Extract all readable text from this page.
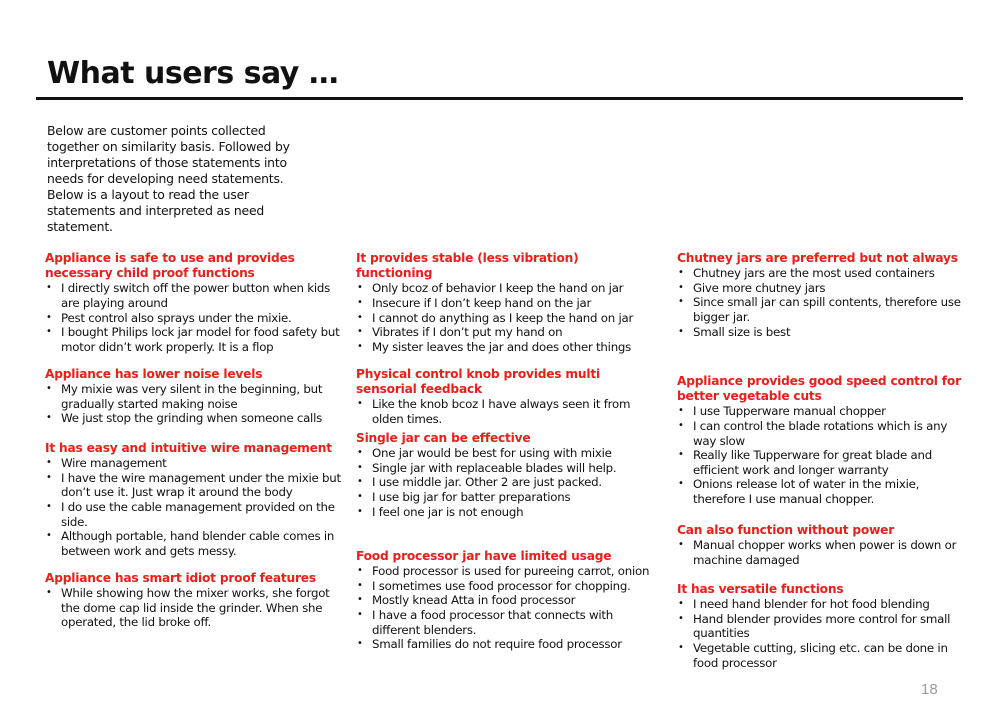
What users say …

Below are customer points collected together on similarity basis. Followed by interpretations of those statements into needs for developing need statements. Below is a layout to read the user statements and interpreted as need statement.

Appliance is safe to use and provides necessary child proof functions
• I directly switch off the power button when kids are playing around
• Pest control also sprays under the mixie.
• I bought Philips lock jar model for food safety but motor didn’t work properly. It is a flop
Appliance has lower noise levels
• My mixie was very silent in the beginning, but gradually started making noise
• We just stop the grinding when someone calls
It has easy and intuitive wire management
• Wire management
• I have the wire management under the mixie but don’t use it. Just wrap it around the body
• I do use the cable management provided on the side.
• Although portable, hand blender cable comes in between work and gets messy.
Appliance has smart idiot proof features
• While showing how the mixer works, she forgot the dome cap lid inside the grinder. When she operated, the lid broke off.
It provides stable (less vibration) functioning
• Only bcoz of behavior I keep the hand on jar
• Insecure if I don’t keep hand on the jar
• I cannot do anything as I keep the hand on jar
• Vibrates if I don’t put my hand on
• My sister leaves the jar and does other things
Physical control knob provides multi sensorial feedback
• Like the knob bcoz I have always seen it from olden times.
Single jar can be effective
• One jar would be best for using with mixie
• Single jar with replaceable blades will help.
• I use middle jar. Other 2 are just packed.
• I use big jar for batter preparations
• I feel one jar is not enough
Food processor jar have limited usage
• Food processor is used for pureeing carrot, onion
• I sometimes use food processor for chopping.
• Mostly knead Atta in food processor
• I have a food processor that connects with different blenders.
• Small families do not require food processor
Chutney jars are preferred but not always
• Chutney jars are the most used containers
• Give more chutney jars
• Since small jar can spill contents, therefore use bigger jar.
• Small size is best
Appliance provides good speed control for better vegetable cuts
• I use Tupperware manual chopper
• I can control the blade rotations which is any way slow
• Really like Tupperware for great blade and efficient work and longer warranty
• Onions release lot of water in the mixie, therefore I use manual chopper.
Can also function without power
• Manual chopper works when power is down or machine damaged
It has versatile functions
• I need hand blender for hot food blending
• Hand blender provides more control for small quantities
• Vegetable cutting, slicing etc. can be done in food processor
18
